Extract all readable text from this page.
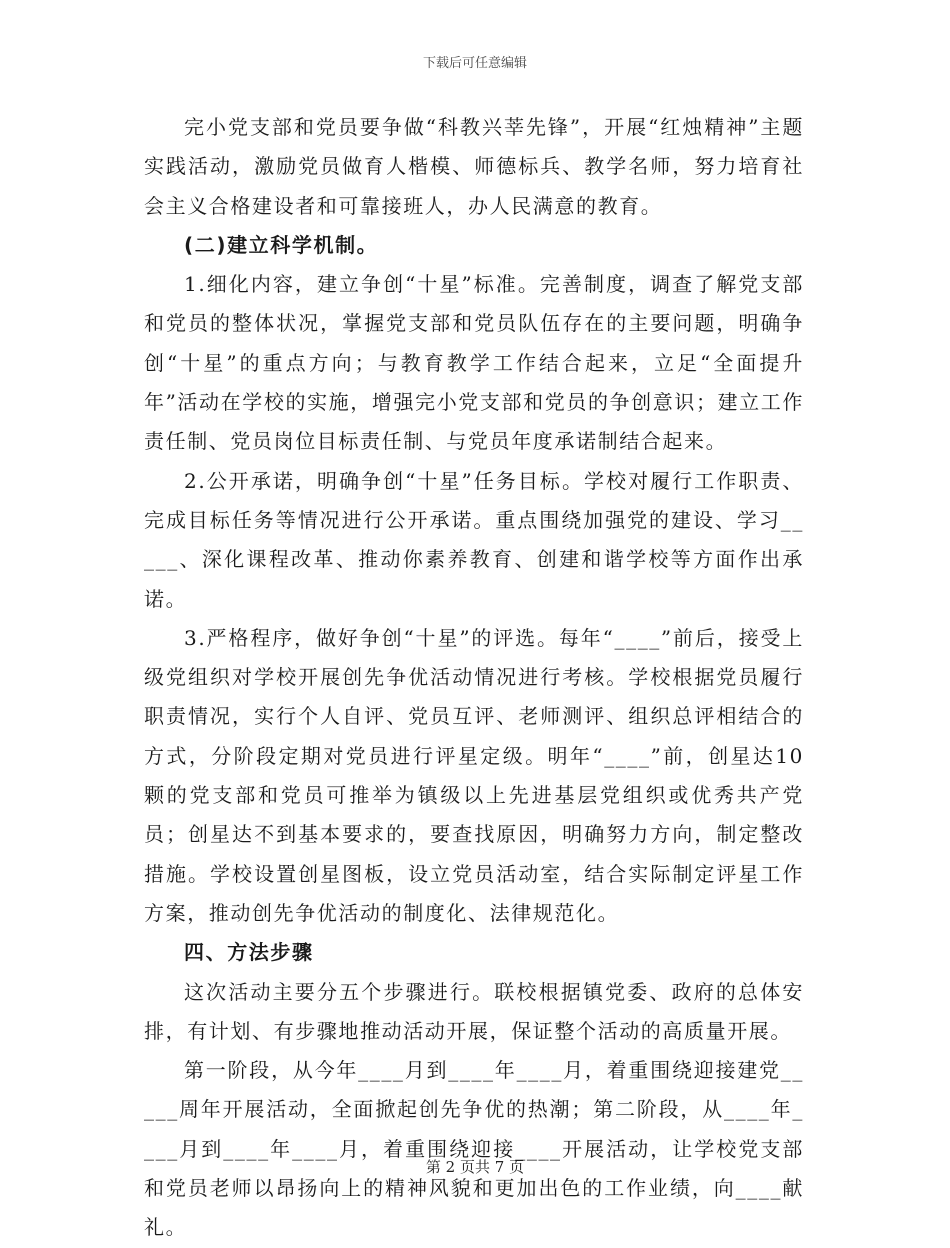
下载后可任意编辑

完小党支部和党员要争做“科教兴莘先锋”，开展“红烛精神”主题实践活动，激励党员做育人楷模、师德标兵、教学名师，努力培育社会主义合格建设者和可靠接班人，办人民满意的教育。

(二)建立科学机制。

1.细化内容，建立争创“十星”标准。完善制度，调查了解党支部和党员的整体状况，掌握党支部和党员队伍存在的主要问题，明确争创“十星”的重点方向；与教育教学工作结合起来，立足“全面提升年”活动在学校的实施，增强完小党支部和党员的争创意识；建立工作责任制、党员岗位目标责任制、与党员年度承诺制结合起来。

2.公开承诺，明确争创“十星”任务目标。学校对履行工作职责、完成目标任务等情况进行公开承诺。重点围绕加强党的建设、学习_____、深化课程改革、推动你素养教育、创建和谐学校等方面作出承诺。

3.严格程序，做好争创“十星”的评选。每年“____”前后，接受上级党组织对学校开展创先争优活动情况进行考核。学校根据党员履行职责情况，实行个人自评、党员互评、老师测评、组织总评相结合的方式，分阶段定期对党员进行评星定级。明年“____”前，创星达10颗的党支部和党员可推举为镇级以上先进基层党组织或优秀共产党员；创星达不到基本要求的，要查找原因，明确努力方向，制定整改措施。学校设置创星图板，设立党员活动室，结合实际制定评星工作方案，推动创先争优活动的制度化、法律规范化。

四、方法步骤

这次活动主要分五个步骤进行。联校根据镇党委、政府的总体安排，有计划、有步骤地推动活动开展，保证整个活动的高质量开展。

第一阶段，从今年____月到____年____月，着重围绕迎接建党_____周年开展活动，全面掀起创先争优的热潮；第二阶段，从____年____月到____年____月，着重围绕迎接____开展活动，让学校党支部和党员老师以昂扬向上的精神风貌和更加出色的工作业绩，向____献礼。

第 2 页共 7 页
